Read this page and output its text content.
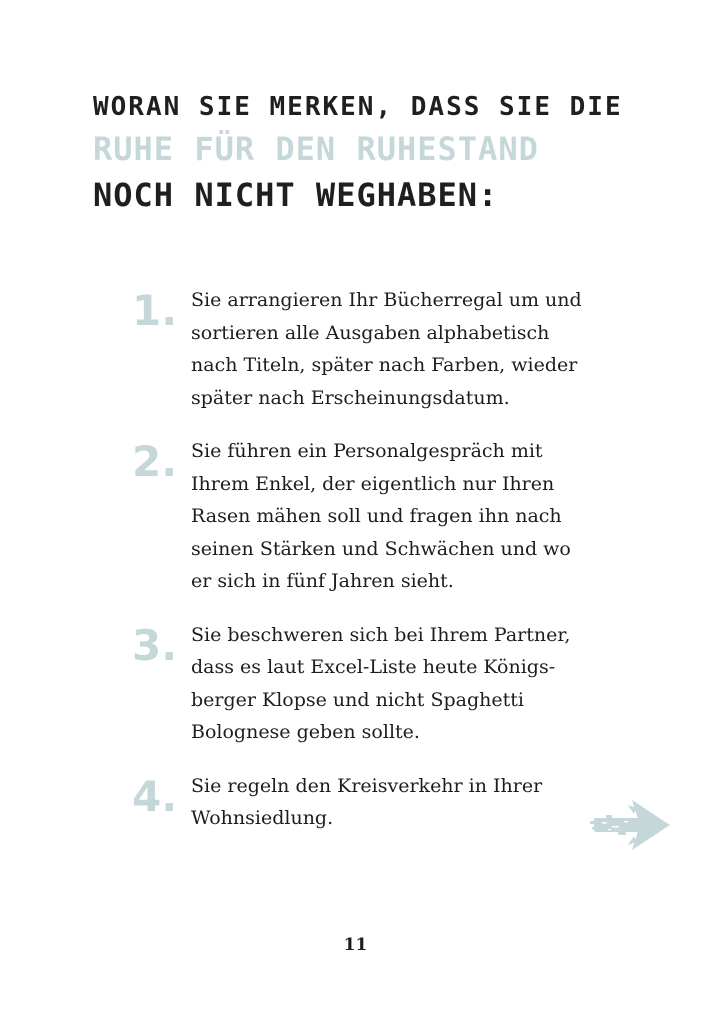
WORAN SIE MERKEN, DASS SIE DIE
RUHE FÜR DEN RUHESTAND
NOCH NICHT WEGHABEN:
1. Sie arrangieren Ihr Bücherregal um und
sortieren alle Ausgaben alphabetisch
nach Titeln, später nach Farben, wieder
später nach Erscheinungsdatum.

2. Sie führen ein Personalgespräch mit
Ihrem Enkel, der eigentlich nur Ihren
Rasen mähen soll und fragen ihn nach
seinen Stärken und Schwächen und wo
er sich in fünf Jahren sieht.

3. Sie beschweren sich bei Ihrem Partner,
dass es laut Excel-Liste heute Königs-
berger Klopse und nicht Spaghetti
Bolognese geben sollte.

4. Sie regeln den Kreisverkehr in Ihrer
Wohnsiedlung.

11
